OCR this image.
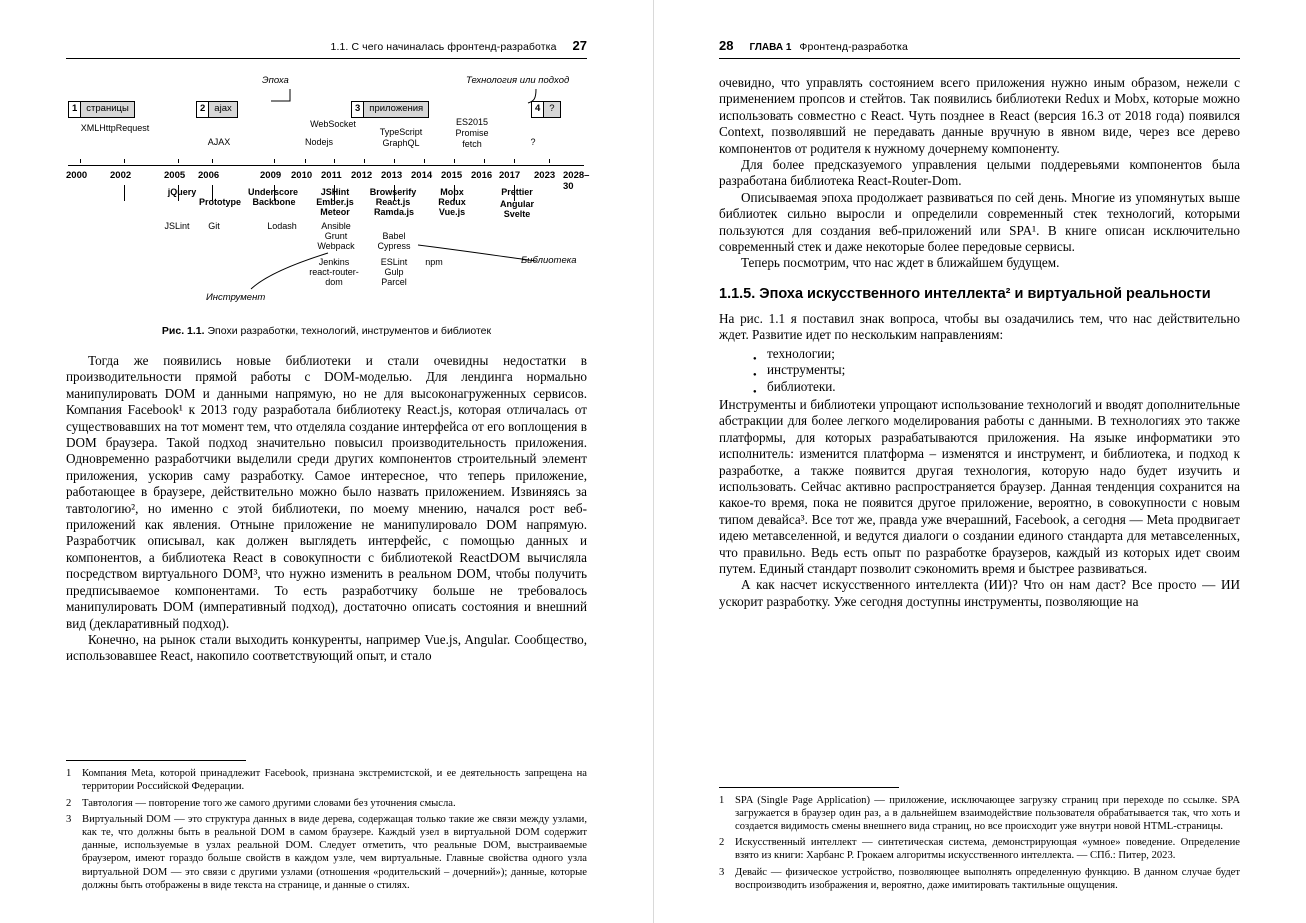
1.1. С чего начиналась фронтенд-разработка 27
Эпоха	Технология или подход
Библиотека
Инструмент
1 страницы	2 ajax	3 приложения	4 ?
XMLHttpRequest
AJAX
WebSocket
Nodejs
TypeScript
GraphQL
ES2015
Promise
fetch	?
2000 2002	2005 2006	2009 2010 2011 2012 2013 2014 2015 2016 2017 2023 2028–30
jQuery
Prototype
Underscore
Backbone
JSHint
Ember.js
Meteor
Browserify
React.js
Ramda.js
Mobx
Redux
Vue.js
Prettier
Angular
Svelte
JSLint	Git	Lodash	Ansible
Grunt
Webpack
Jenkins
react-router-dom
Babel
Cypress
ESLint
Gulp
Parcel
npm
Рис. 1.1. Эпохи разработки, технологий, инструментов и библиотек

Тогда же появились новые библиотеки и стали очевидны недостатки в производительности прямой работы с DOM-моделью. Для лендинга нормально манипулировать DOM и данными напрямую, но не для высоконагруженных сервисов. Компания Facebook¹ к 2013 году разработала библиотеку React.js, которая отличалась от существовавших на тот момент тем, что отделяла создание интерфейса от его воплощения в DOM браузера. Такой подход значительно повысил производительность приложения. Одновременно разработчики выделили среди других компонентов строительный элемент приложения, ускорив саму разработку. Самое интересное, что теперь приложение, работающее в браузере, действительно можно было назвать приложением. Извиняясь за тавтологию², но именно с этой библиотеки, по моему мнению, начался рост веб-приложений как явления. Отныне приложение не манипулировало DOM напрямую. Разработчик описывал, как должен выглядеть интерфейс, с помощью данных и компонентов, а библиотека React в совокупности с библиотекой ReactDOM вычисляла посредством виртуального DOM³, что нужно изменить в реальном DOM, чтобы получить предписываемое компонентами. То есть разработчику больше не требовалось манипулировать DOM (императивный подход), достаточно описать состояния и внешний вид (декларативный подход).

Конечно, на рынок стали выходить конкуренты, например Vue.js, Angular. Сообщество, использовавшее React, накопило соответствующий опыт, и стало

1	Компания Meta, которой принадлежит Facebook, признана экстремистской, и ее деятельность запрещена на территории Российской Федерации.
2	Тавтология — повторение того же самого другими словами без уточнения смысла.
3	Виртуальный DOM — это структура данных в виде дерева, содержащая только такие же связи между узлами, как те, что должны быть в реальной DOM в самом браузере. Каждый узел в виртуальной DOM содержит данные, используемые в узлах реальной DOM. Следует отметить, что реальные DOM, выстраиваемые браузером, имеют гораздо больше свойств в каждом узле, чем виртуальные. Главные свойства одного узла виртуальной DOM — это связи с другими узлами (отношения «родительский – дочерний»); данные, которые должны быть отображены в виде текста на странице, и данные о стилях.
28 ГЛАВА 1 Фронтенд-разработка

очевидно, что управлять состоянием всего приложения нужно иным образом, нежели с применением пропсов и стейтов. Так появились библиотеки Redux и Mobx, которые можно использовать совместно с React. Чуть позднее в React (версия 16.3 от 2018 года) появился Context, позволявший не передавать данные вручную в явном виде, через все дерево компонентов от родителя к нужному дочернему компоненту.

Для более предсказуемого управления целыми поддеревьями компонентов была разработана библиотека React-Router-Dom.

Описываемая эпоха продолжает развиваться по сей день. Многие из упомянутых выше библиотек сильно выросли и определили современный стек технологий, которыми пользуются для создания веб-приложений или SPA¹. В книге описан исключительно современный стек и даже некоторые более передовые сервисы.

Теперь посмотрим, что нас ждет в ближайшем будущем.

1.1.5. Эпоха искусственного интеллекта² и виртуальной реальности

На рис. 1.1 я поставил знак вопроса, чтобы вы озадачились тем, что нас действительно ждет. Развитие идет по нескольким направлениям:

● технологии;
● инструменты;
● библиотеки.

Инструменты и библиотеки упрощают использование технологий и вводят дополнительные абстракции для более легкого моделирования работы с данными. В технологиях это также платформы, для которых разрабатываются приложения. На языке информатики это исполнитель: изменится платформа – изменятся и инструмент, и библиотека, и подход к разработке, а также появится другая технология, которую надо будет изучить и использовать. Сейчас активно распространяется браузер. Данная тенденция сохранится на какое-то время, пока не появится другое приложение, вероятно, в совокупности с новым типом девайса³. Все тот же, правда уже вчерашний, Facebook, а сегодня — Meta продвигает идею метавселенной, и ведутся диалоги о создании единого стандарта для метавселенных, что правильно. Ведь есть опыт по разработке браузеров, каждый из которых идет своим путем. Единый стандарт позволит сэкономить время и быстрее развиваться.

А как насчет искусственного интеллекта (ИИ)? Что он нам даст? Все просто — ИИ ускорит разработку. Уже сегодня доступны инструменты, позволяющие на

1	SPA (Single Page Application) — приложение, исключающее загрузку страниц при переходе по ссылке. SPA загружается в браузер один раз, а в дальнейшем взаимодействие пользователя обрабатывается так, что хоть и создается видимость смены внешнего вида страниц, но все происходит уже внутри новой HTML-страницы.
2	Искусственный интеллект — синтетическая система, демонстрирующая «умное» поведение. Определение взято из книги: Харбанс Р. Грокаем алгоритмы искусственного интеллекта. — СПб.: Питер, 2023.
3	Девайс — физическое устройство, позволяющее выполнять определенную функцию. В данном случае будет воспроизводить изображения и, вероятно, даже имитировать тактильные ощущения.
